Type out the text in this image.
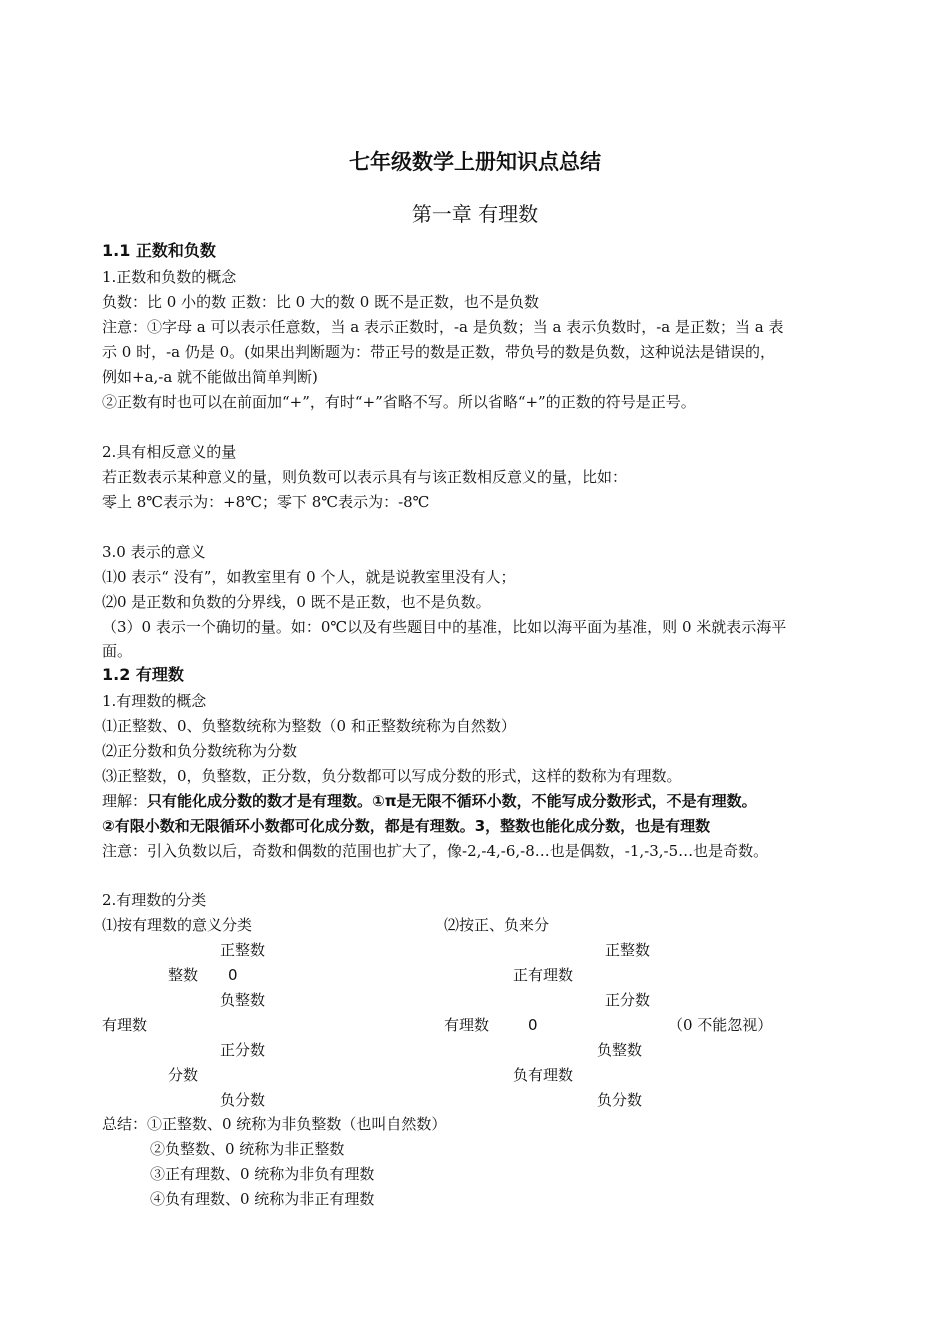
七年级数学上册知识点总结
第一章 有理数
1.1 正数和负数
1.正数和负数的概念
负数：比 0 小的数 正数：比 0 大的数 0 既不是正数，也不是负数
注意：①字母 a 可以表示任意数，当 a 表示正数时，-a 是负数；当 a 表示负数时，-a 是正数；当 a 表
示 0 时，-a 仍是 0。(如果出判断题为：带正号的数是正数，带负号的数是负数，这种说法是错误的，
例如+a,-a 就不能做出简单判断)
②正数有时也可以在前面加“+”，有时“+”省略不写。所以省略“+”的正数的符号是正号。
2.具有相反意义的量
若正数表示某种意义的量，则负数可以表示具有与该正数相反意义的量，比如：
零上 8℃表示为：+8℃；零下 8℃表示为：-8℃
3.0 表示的意义
⑴0 表示“ 没有”，如教室里有 0 个人，就是说教室里没有人；
⑵0 是正数和负数的分界线，0 既不是正数，也不是负数。
（3）0 表示一个确切的量。如：0℃以及有些题目中的基准，比如以海平面为基准，则 0 米就表示海平
面。
1.2 有理数
1.有理数的概念
⑴正整数、0、负整数统称为整数（0 和正整数统称为自然数）
⑵正分数和负分数统称为分数
⑶正整数，0，负整数，正分数，负分数都可以写成分数的形式，这样的数称为有理数。
理解：只有能化成分数的数才是有理数。①π是无限不循环小数，不能写成分数形式，不是有理数。
②有限小数和无限循环小数都可化成分数，都是有理数。3，整数也能化成分数，也是有理数
注意：引入负数以后，奇数和偶数的范围也扩大了，像-2,-4,-6,-8…也是偶数，-1,-3,-5…也是奇数。
2.有理数的分类
⑴按有理数的意义分类	⑵按正、负来分
正整数
整数 0
负整数
有理数
正分数
分数
负分数
正整数
正有理数
正分数
有理数	0	（0 不能忽视）
负整数
负有理数
负分数
总结：①正整数、0 统称为非负整数（也叫自然数）
②负整数、0 统称为非正整数
③正有理数、0 统称为非负有理数
④负有理数、0 统称为非正有理数
